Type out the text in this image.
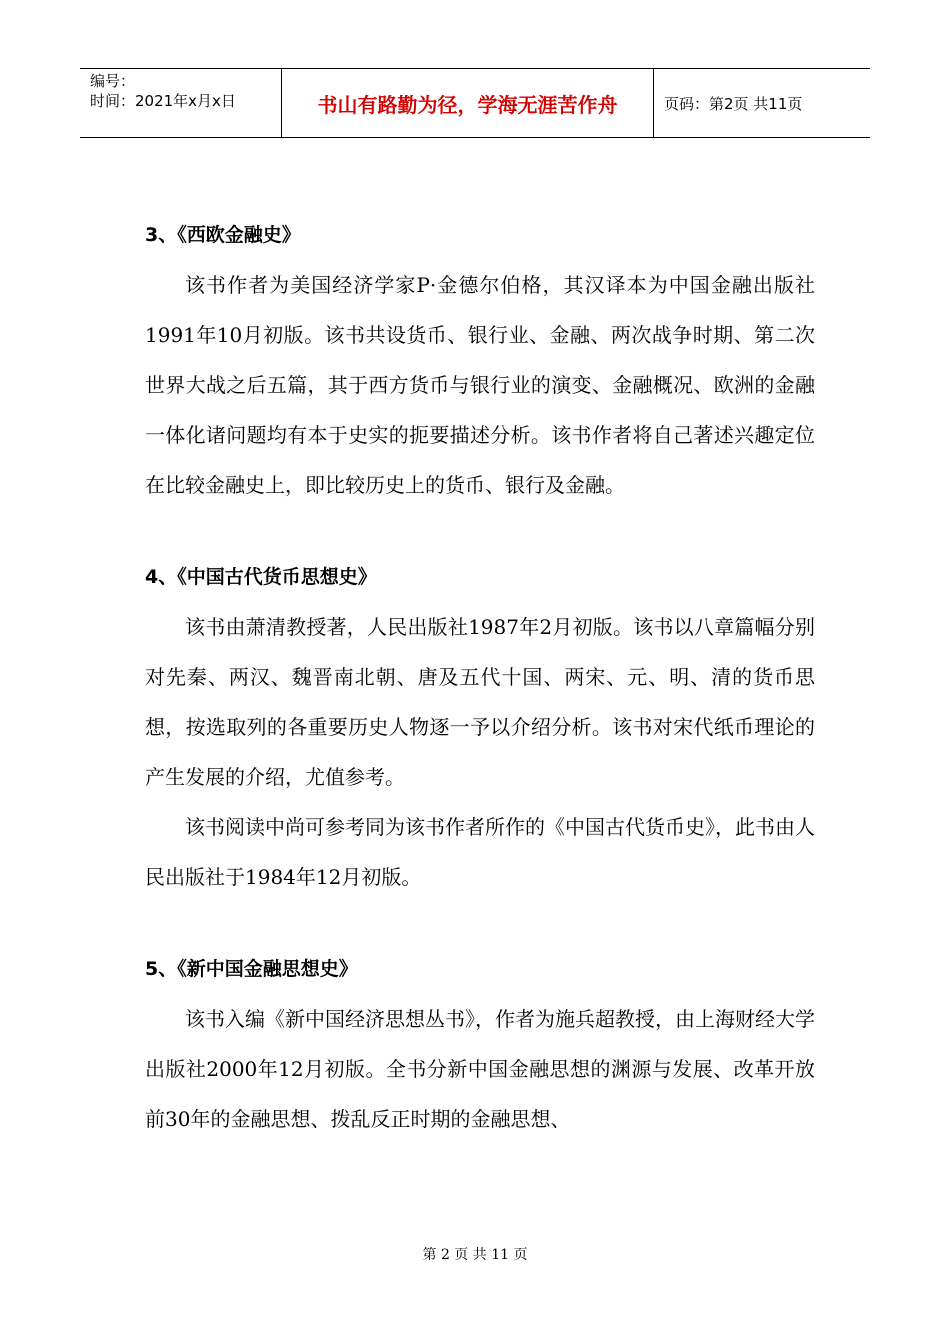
编号：
时间：2021年x月x日	书山有路勤为径，学海无涯苦作舟	页码：第2页 共11页
3、《西欧金融史》

该书作者为美国经济学家P·金德尔伯格，其汉译本为中国金融出版社1991年10月初版。该书共设货币、银行业、金融、两次战争时期、第二次世界大战之后五篇，其于西方货币与银行业的演变、金融概况、欧洲的金融一体化诸问题均有本于史实的扼要描述分析。该书作者将自己著述兴趣定位在比较金融史上，即比较历史上的货币、银行及金融。

4、《中国古代货币思想史》

该书由萧清教授著，人民出版社1987年2月初版。该书以八章篇幅分别对先秦、两汉、魏晋南北朝、唐及五代十国、两宋、元、明、清的货币思想，按选取列的各重要历史人物逐一予以介绍分析。该书对宋代纸币理论的产生发展的介绍，尤值参考。

该书阅读中尚可参考同为该书作者所作的《中国古代货币史》，此书由人民出版社于1984年12月初版。

5、《新中国金融思想史》

该书入编《新中国经济思想丛书》，作者为施兵超教授，由上海财经大学出版社2000年12月初版。全书分新中国金融思想的渊源与发展、改革开放前30年的金融思想、拨乱反正时期的金融思想、

第 2 页 共 11 页
